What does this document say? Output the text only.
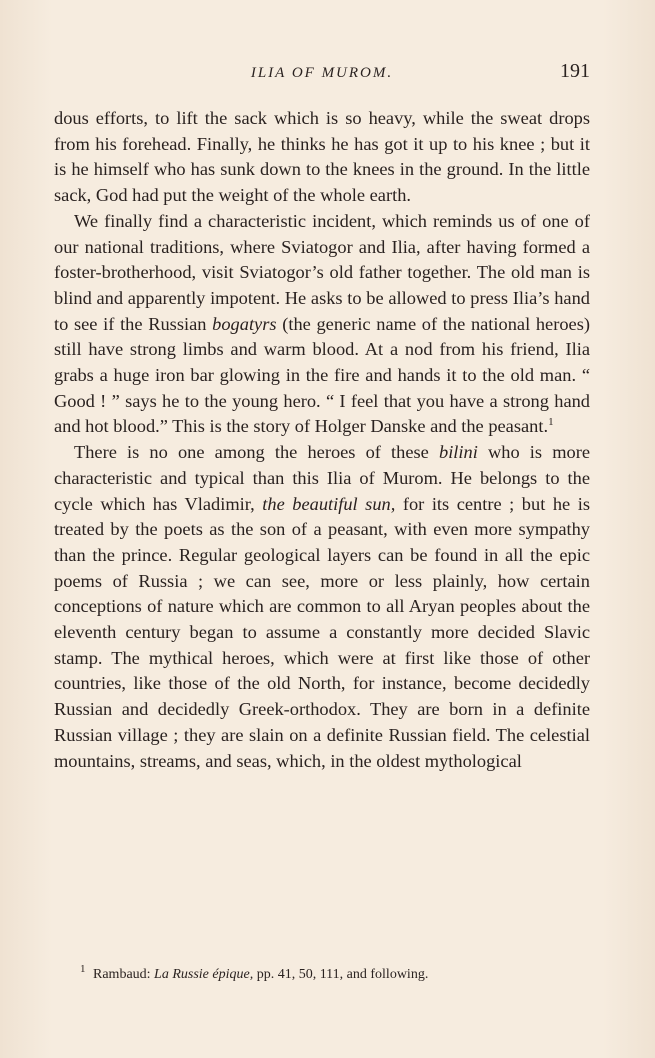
ILIA OF MUROM.	191

dous efforts, to lift the sack which is so heavy, while the sweat drops from his forehead. Finally, he thinks he has got it up to his knee ; but it is he himself who has sunk down to the knees in the ground. In the little sack, God had put the weight of the whole earth.

We finally find a characteristic incident, which reminds us of one of our national traditions, where Sviatogor and Ilia, after having formed a foster-brotherhood, visit Sviatogor’s old father together. The old man is blind and apparently impotent. He asks to be allowed to press Ilia’s hand to see if the Russian bogatyrs (the generic name of the national heroes) still have strong limbs and warm blood. At a nod from his friend, Ilia grabs a huge iron bar glowing in the fire and hands it to the old man. “ Good ! ” says he to the young hero. “ I feel that you have a strong hand and hot blood.” This is the story of Holger Danske and the peasant.$^1$

There is no one among the heroes of these bilini who is more characteristic and typical than this Ilia of Murom. He belongs to the cycle which has Vladimir, the beautiful sun, for its centre ; but he is treated by the poets as the son of a peasant, with even more sympathy than the prince. Regular geological layers can be found in all the epic poems of Russia ; we can see, more or less plainly, how certain conceptions of nature which are common to all Aryan peoples about the eleventh century began to assume a constantly more decided Slavic stamp. The mythical heroes, which were at first like those of other countries, like those of the old North, for instance, become decidedly Russian and decidedly Greek-orthodox. They are born in a definite Russian village ; they are slain on a definite Russian field. The celestial mountains, streams, and seas, which, in the oldest mythological

$^1$ Rambaud: La Russie épique, pp. 41, 50, 111, and following.
